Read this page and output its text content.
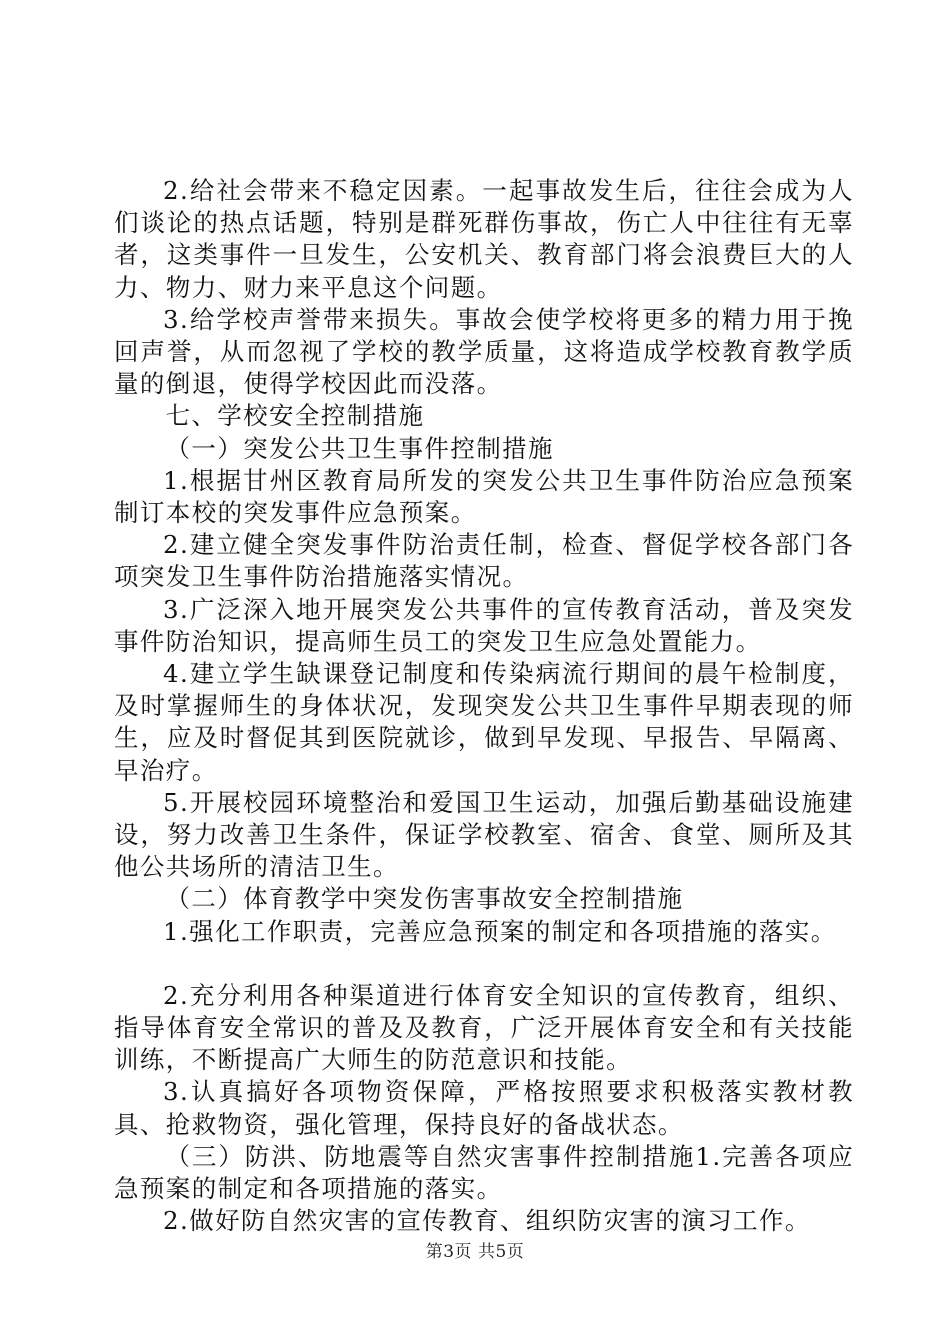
2.给社会带来不稳定因素。一起事故发生后，往往会成为人们谈论的热点话题，特别是群死群伤事故，伤亡人中往往有无辜者，这类事件一旦发生，公安机关、教育部门将会浪费巨大的人力、物力、财力来平息这个问题。

3.给学校声誉带来损失。事故会使学校将更多的精力用于挽回声誉，从而忽视了学校的教学质量，这将造成学校教育教学质量的倒退，使得学校因此而没落。

七、学校安全控制措施

（一）突发公共卫生事件控制措施

1.根据甘州区教育局所发的突发公共卫生事件防治应急预案制订本校的突发事件应急预案。

2.建立健全突发事件防治责任制，检查、督促学校各部门各项突发卫生事件防治措施落实情况。

3.广泛深入地开展突发公共事件的宣传教育活动，普及突发事件防治知识，提高师生员工的突发卫生应急处置能力。

4.建立学生缺课登记制度和传染病流行期间的晨午检制度，及时掌握师生的身体状况，发现突发公共卫生事件早期表现的师生，应及时督促其到医院就诊，做到早发现、早报告、早隔离、早治疗。

5.开展校园环境整治和爱国卫生运动，加强后勤基础设施建设，努力改善卫生条件，保证学校教室、宿舍、食堂、厕所及其他公共场所的清洁卫生。

（二）体育教学中突发伤害事故安全控制措施

1.强化工作职责，完善应急预案的制定和各项措施的落实。

2.充分利用各种渠道进行体育安全知识的宣传教育，组织、指导体育安全常识的普及及教育，广泛开展体育安全和有关技能训练，不断提高广大师生的防范意识和技能。

3.认真搞好各项物资保障，严格按照要求积极落实教材教具、抢救物资，强化管理，保持良好的备战状态。

（三）防洪、防地震等自然灾害事件控制措施1.完善各项应急预案的制定和各项措施的落实。

2.做好防自然灾害的宣传教育、组织防灾害的演习工作。

第3页 共5页
